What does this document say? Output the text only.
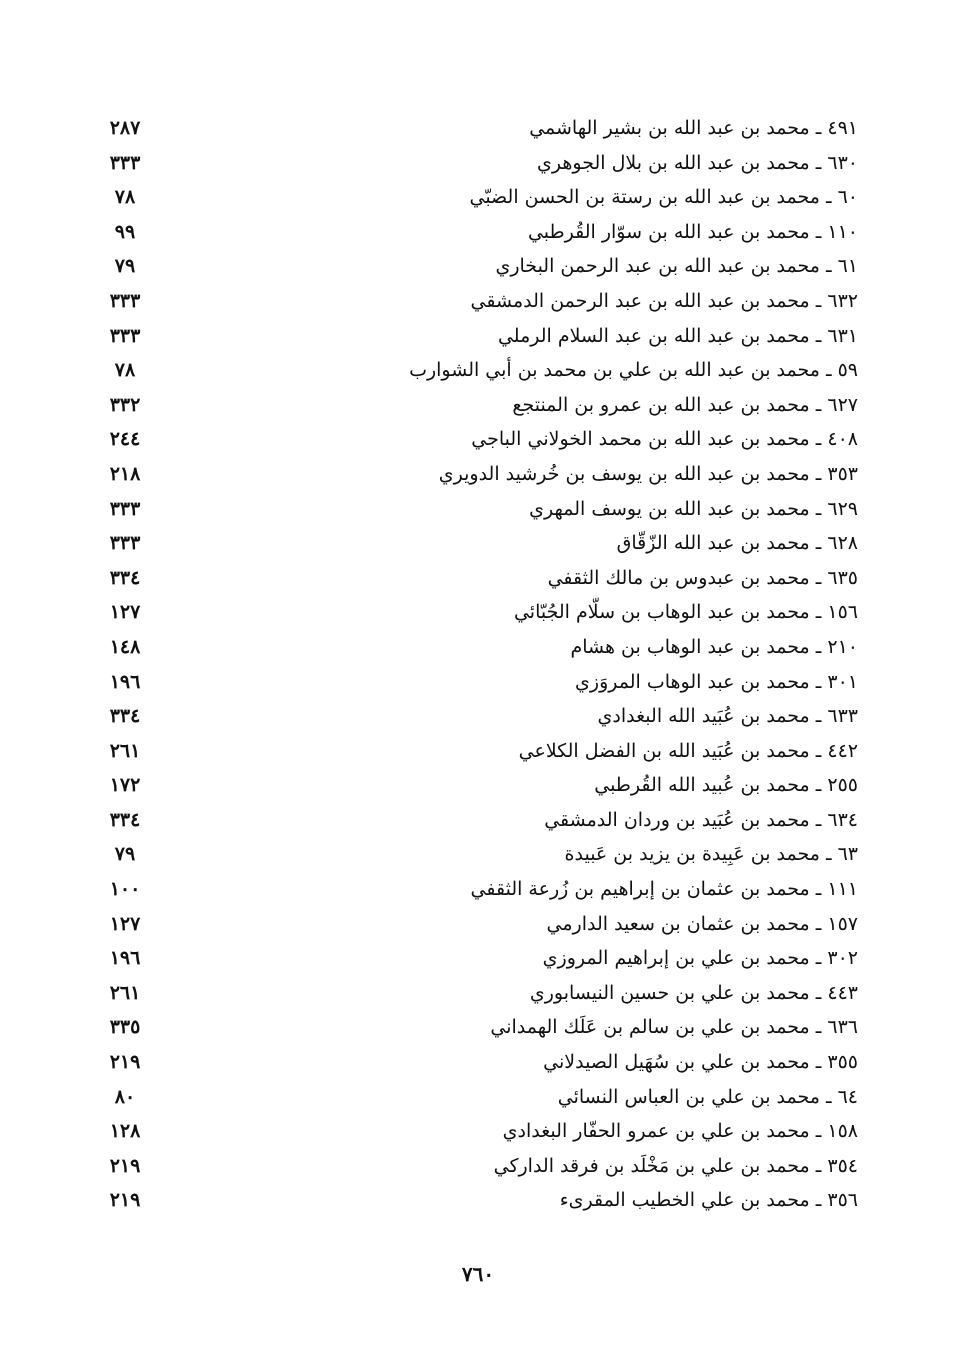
٤٩١ ـ محمد بن عبد الله بن بشير الهاشمي
٢٨٧
٦٣٠ ـ محمد بن عبد الله بن بلال الجوهري
٣٣٣
٦٠ ـ محمد بن عبد الله بن رستة بن الحسن الضبّي
٧٨
١١٠ ـ محمد بن عبد الله بن سوّار القُرطبي
٩٩
٦١ ـ محمد بن عبد الله بن عبد الرحمن البخاري
٧٩
٦٣٢ ـ محمد بن عبد الله بن عبد الرحمن الدمشقي
٣٣٣
٦٣١ ـ محمد بن عبد الله بن عبد السلام الرملي
٣٣٣
٥٩ ـ محمد بن عبد الله بن علي بن محمد بن أبي الشوارب
٧٨
٦٢٧ ـ محمد بن عبد الله بن عمرو بن المنتجع
٣٣٢
٤٠٨ ـ محمد بن عبد الله بن محمد الخولاني الباجي
٢٤٤
٣٥٣ ـ محمد بن عبد الله بن يوسف بن خُرشيد الدويري
٢١٨
٦٢٩ ـ محمد بن عبد الله بن يوسف المهري
٣٣٣
٦٢٨ ـ محمد بن عبد الله الزّقّاق
٣٣٣
٦٣٥ ـ محمد بن عبدوس بن مالك الثقفي
٣٣٤
١٥٦ ـ محمد بن عبد الوهاب بن سلّام الجُبّائي
١٢٧
٢١٠ ـ محمد بن عبد الوهاب بن هشام
١٤٨
٣٠١ ـ محمد بن عبد الوهاب المروَزي
١٩٦
٦٣٣ ـ محمد بن عُبَيد الله البغدادي
٣٣٤
٤٤٢ ـ محمد بن عُبَيد الله بن الفضل الكلاعي
٢٦١
٢٥٥ ـ محمد بن عُبيد الله القُرطبي
١٧٢
٦٣٤ ـ محمد بن عُبَيد بن وردان الدمشقي
٣٣٤
٦٣ ـ محمد بن عَبِيدة بن يزيد بن عَبيدة
٧٩
١١١ ـ محمد بن عثمان بن إبراهيم بن زُرعة الثقفي
١٠٠
١٥٧ ـ محمد بن عثمان بن سعيد الدارمي
١٢٧
٣٠٢ ـ محمد بن علي بن إبراهيم المروزي
١٩٦
٤٤٣ ـ محمد بن علي بن حسين النيسابوري
٢٦١
٦٣٦ ـ محمد بن علي بن سالم بن عَلَك الهمداني
٣٣٥
٣٥٥ ـ محمد بن علي بن سُهَيل الصيدلاني
٢١٩
٦٤ ـ محمد بن علي بن العباس النسائي
٨٠
١٥٨ ـ محمد بن علي بن عمرو الحفّار البغدادي
١٢٨
٣٥٤ ـ محمد بن علي بن مَخْلَد بن فرقد الداركي
٢١٩
٣٥٦ ـ محمد بن علي الخطيب المقرىء
٢١٩
٧٦٠
